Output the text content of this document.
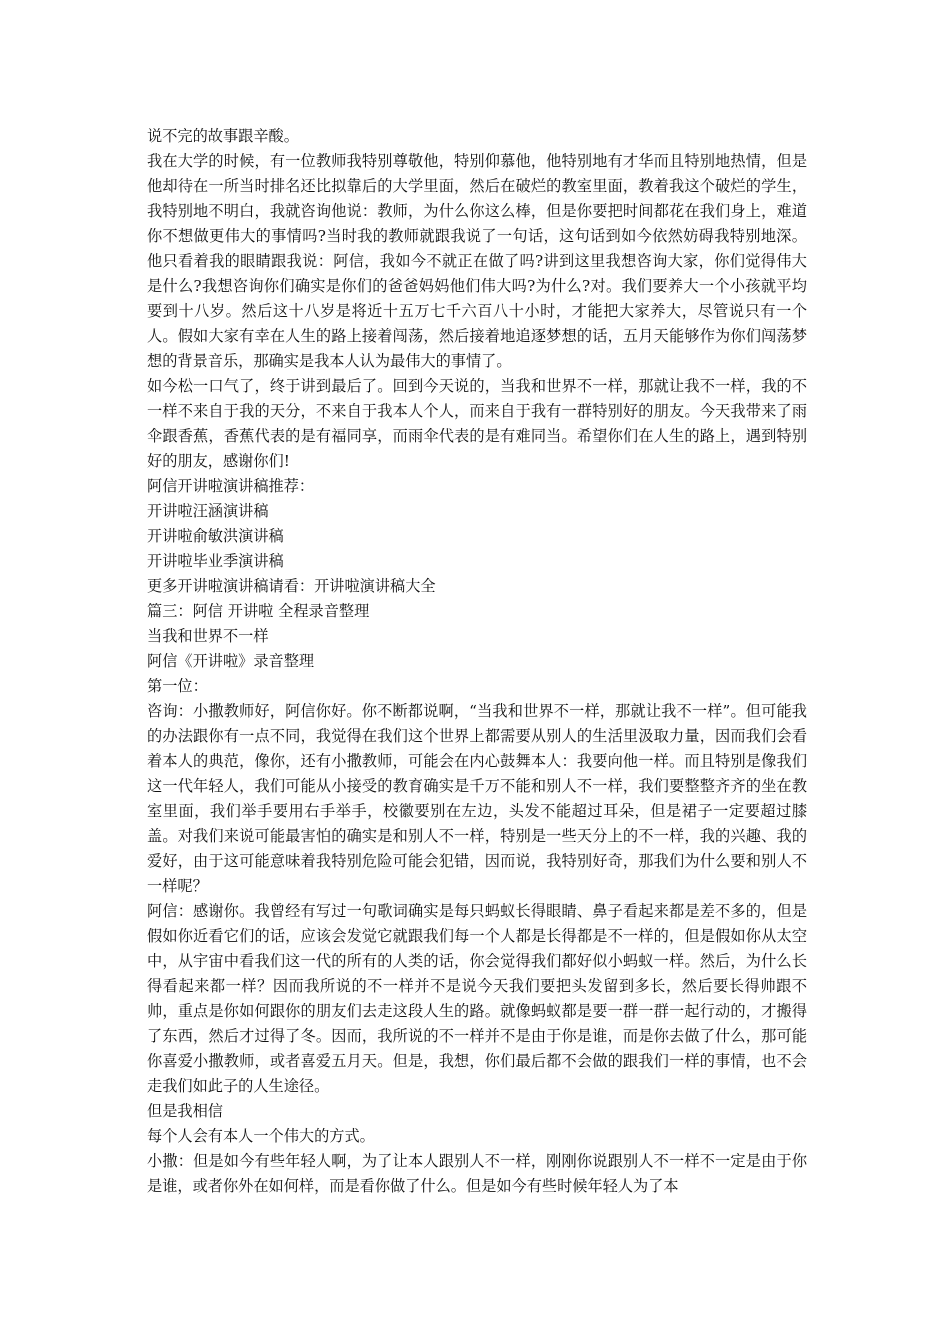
说不完的故事跟辛酸。

我在大学的时候，有一位教师我特别尊敬他，特别仰慕他，他特别地有才华而且特别地热情，但是他却待在一所当时排名还比拟靠后的大学里面，然后在破烂的教室里面，教着我这个破烂的学生，我特别地不明白，我就咨询他说：教师，为什么你这么棒，但是你要把时间都花在我们身上，难道你不想做更伟大的事情吗?当时我的教师就跟我说了一句话，这句话到如今依然妨碍我特别地深。他只看着我的眼睛跟我说：阿信，我如今不就正在做了吗?讲到这里我想咨询大家，你们觉得伟大是什么?我想咨询你们确实是你们的爸爸妈妈他们伟大吗?为什么?对。我们要养大一个小孩就平均要到十八岁。然后这十八岁是将近十五万七千六百八十小时，才能把大家养大，尽管说只有一个人。假如大家有幸在人生的路上接着闯荡，然后接着地追逐梦想的话，五月天能够作为你们闯荡梦想的背景音乐，那确实是我本人认为最伟大的事情了。

如今松一口气了，终于讲到最后了。回到今天说的，当我和世界不一样，那就让我不一样，我的不一样不来自于我的天分，不来自于我本人个人，而来自于我有一群特别好的朋友。今天我带来了雨伞跟香蕉，香蕉代表的是有福同享，而雨伞代表的是有难同当。希望你们在人生的路上，遇到特别好的朋友，感谢你们!

阿信开讲啦演讲稿推荐：

开讲啦汪涵演讲稿

开讲啦俞敏洪演讲稿

开讲啦毕业季演讲稿

更多开讲啦演讲稿请看：开讲啦演讲稿大全

篇三：阿信 开讲啦 全程录音整理

当我和世界不一样

阿信《开讲啦》录音整理

第一位：

咨询：小撒教师好，阿信你好。你不断都说啊，“当我和世界不一样，那就让我不一样”。但可能我的办法跟你有一点不同，我觉得在我们这个世界上都需要从别人的生活里汲取力量，因而我们会看着本人的典范，像你，还有小撒教师，可能会在内心鼓舞本人：我要向他一样。而且特别是像我们这一代年轻人，我们可能从小接受的教育确实是千万不能和别人不一样，我们要整整齐齐的坐在教室里面，我们举手要用右手举手，校徽要别在左边，头发不能超过耳朵，但是裙子一定要超过膝盖。对我们来说可能最害怕的确实是和别人不一样，特别是一些天分上的不一样，我的兴趣、我的爱好，由于这可能意味着我特别危险可能会犯错，因而说，我特别好奇，那我们为什么要和别人不一样呢？

阿信：感谢你。我曾经有写过一句歌词确实是每只蚂蚁长得眼睛、鼻子看起来都是差不多的，但是假如你近看它们的话，应该会发觉它就跟我们每一个人都是长得都是不一样的，但是假如你从太空中，从宇宙中看我们这一代的所有的人类的话，你会觉得我们都好似小蚂蚁一样。然后，为什么长得看起来都一样？因而我所说的不一样并不是说今天我们要把头发留到多长，然后要长得帅跟不帅，重点是你如何跟你的朋友们去走这段人生的路。就像蚂蚁都是要一群一群一起行动的，才搬得了东西，然后才过得了冬。因而，我所说的不一样并不是由于你是谁，而是你去做了什么，那可能你喜爱小撒教师，或者喜爱五月天。但是，我想，你们最后都不会做的跟我们一样的事情，也不会走我们如此子的人生途径。

但是我相信

每个人会有本人一个伟大的方式。

小撒：但是如今有些年轻人啊，为了让本人跟别人不一样，刚刚你说跟别人不一样不一定是由于你是谁，或者你外在如何样，而是看你做了什么。但是如今有些时候年轻人为了本
